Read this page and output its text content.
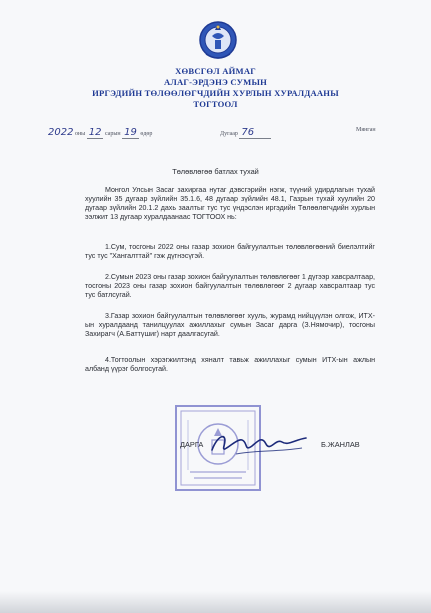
ХӨВСГӨЛ АЙМАГ
АЛАГ-ЭРДЭНЭ СУМЫН
ИРГЭДИЙН ТӨЛӨӨЛӨГЧДИЙН ХУРЛЫН ХУРАЛДААНЫ
ТОГТООЛ
2022 оны 12 сарын 19 өдөр	Дугаар 76	Мянган
Төлөвлөгөө батлах тухай

Монгол Улсын Засаг захиргаа нутаг дэвсгэрийн нэгж, түүний удирдлагын тухай хуулийн 35 дугаар зүйлийн 35.1.6, 48 дугаар зүйлийн 48.1, Газрын тухай хуулийн 20 дугаар зүйлийн 20.1.2 дахь заалтыг тус тус үндэслэн иргэдийн Төлөөлөгчдийн хурлын ээлжит 13 дугаар хуралдаанаас ТОГТООХ нь:

1.Сум, тосгоны 2022 оны газар зохион байгуулалтын төлөвлөгөөний биелэлтийг тус тус "Хангалттай" гэж дүгнэсүгэй.

2.Сумын 2023 оны газар зохион байгуулалтын төлөвлөгөөг 1 дүгээр хавсралтаар, тосгоны 2023 оны газар зохион байгуулалтын төлөвлөгөөг 2 дугаар хавсралтаар тус тус батлсугай.

3.Газар зохион байгуулалтын төлөвлөгөөг хууль, журамд нийцүүлэн олгож, ИТХ-ын хуралдаанд танилцуулах ажиллахыг сумын Засаг дарга (З.Нямочир), тосгоны Захирагч (А.Баттүшиг) нарт даалгасугай.

4.Тогтоолын хэрэгжилтэнд хяналт тавьж ажиллахыг сумын ИТХ-ын ажлын албанд үүрэг болгосугай.

ДАРГА	Б.ЖАНЛАВ
